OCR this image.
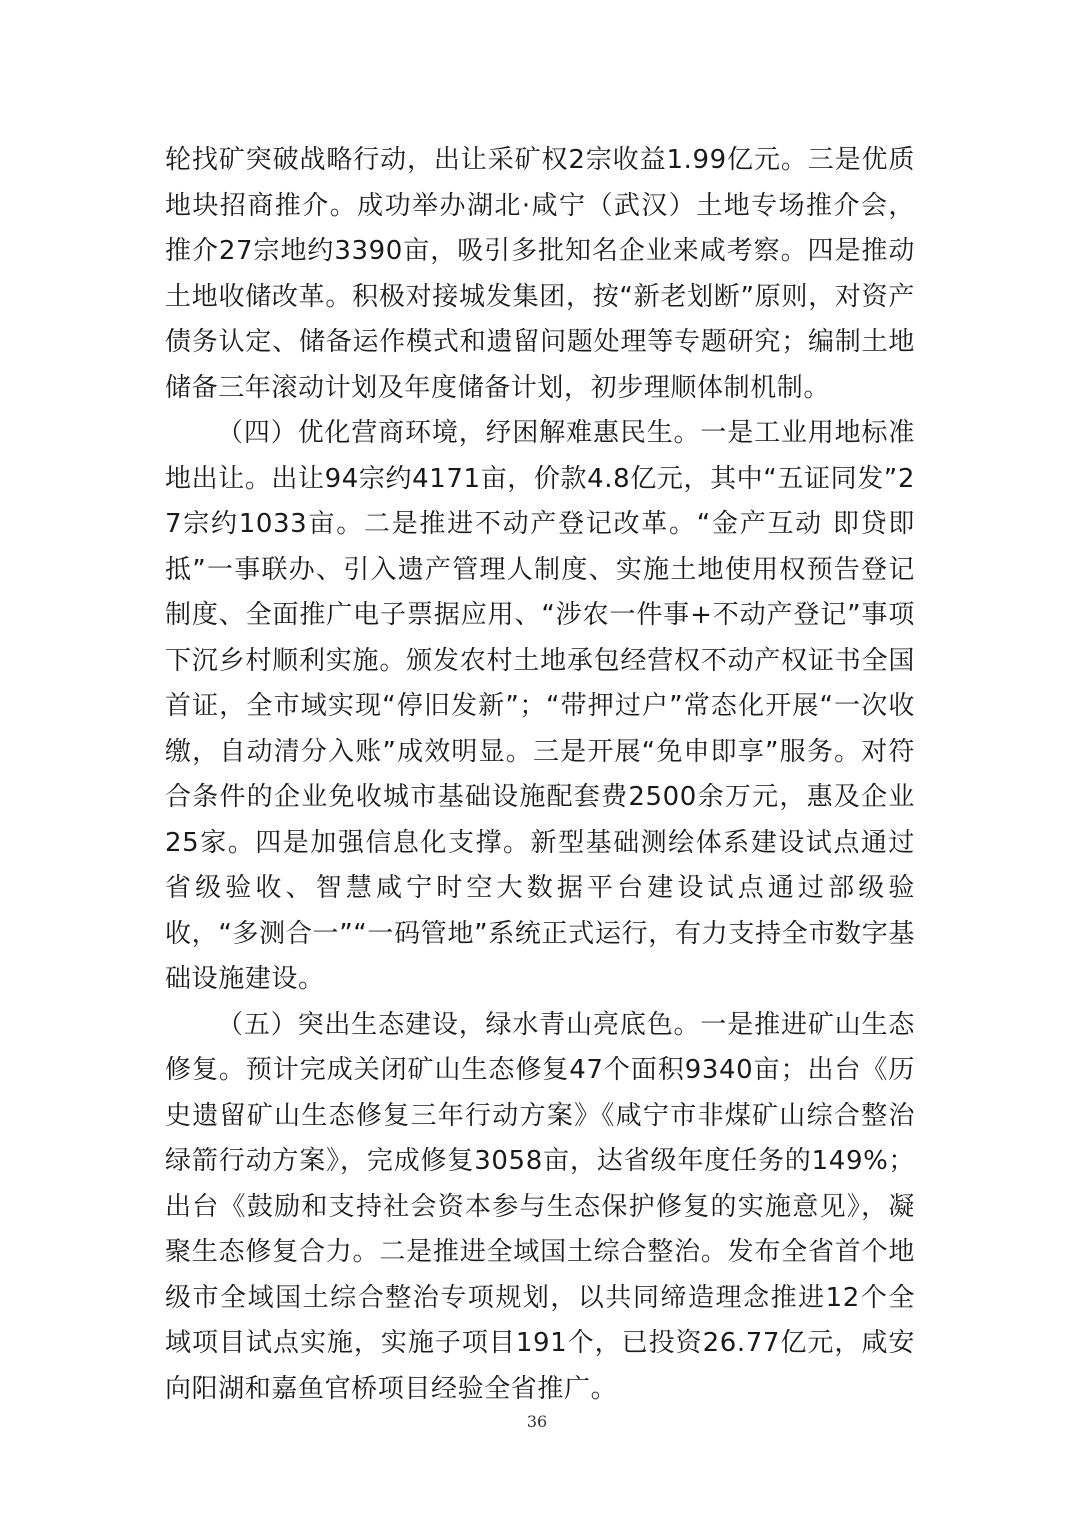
轮找矿突破战略行动，出让采矿权2宗收益1.99亿元。三是优质地块招商推介。成功举办湖北·咸宁（武汉）土地专场推介会，推介27宗地约3390亩，吸引多批知名企业来咸考察。四是推动土地收储改革。积极对接城发集团，按“新老划断”原则，对资产债务认定、储备运作模式和遗留问题处理等专题研究；编制土地储备三年滚动计划及年度储备计划，初步理顺体制机制。

（四）优化营商环境，纾困解难惠民生。一是工业用地标准地出让。出让94宗约4171亩，价款4.8亿元，其中“五证同发”27宗约1033亩。二是推进不动产登记改革。“金产互动 即贷即抵”一事联办、引入遗产管理人制度、实施土地使用权预告登记制度、全面推广电子票据应用、“涉农一件事+不动产登记”事项下沉乡村顺利实施。颁发农村土地承包经营权不动产权证书全国首证，全市域实现“停旧发新”；“带押过户”常态化开展“一次收缴，自动清分入账”成效明显。三是开展“免申即享”服务。对符合条件的企业免收城市基础设施配套费2500余万元，惠及企业25家。四是加强信息化支撑。新型基础测绘体系建设试点通过省级验收、智慧咸宁时空大数据平台建设试点通过部级验收，“多测合一”“一码管地”系统正式运行，有力支持全市数字基础设施建设。

（五）突出生态建设，绿水青山亮底色。一是推进矿山生态修复。预计完成关闭矿山生态修复47个面积9340亩；出台《历史遗留矿山生态修复三年行动方案》《咸宁市非煤矿山综合整治绿箭行动方案》，完成修复3058亩，达省级年度任务的149%；出台《鼓励和支持社会资本参与生态保护修复的实施意见》，凝聚生态修复合力。二是推进全域国土综合整治。发布全省首个地级市全域国土综合整治专项规划，以共同缔造理念推进12个全域项目试点实施，实施子项目191个，已投资26.77亿元，咸安向阳湖和嘉鱼官桥项目经验全省推广。

36
